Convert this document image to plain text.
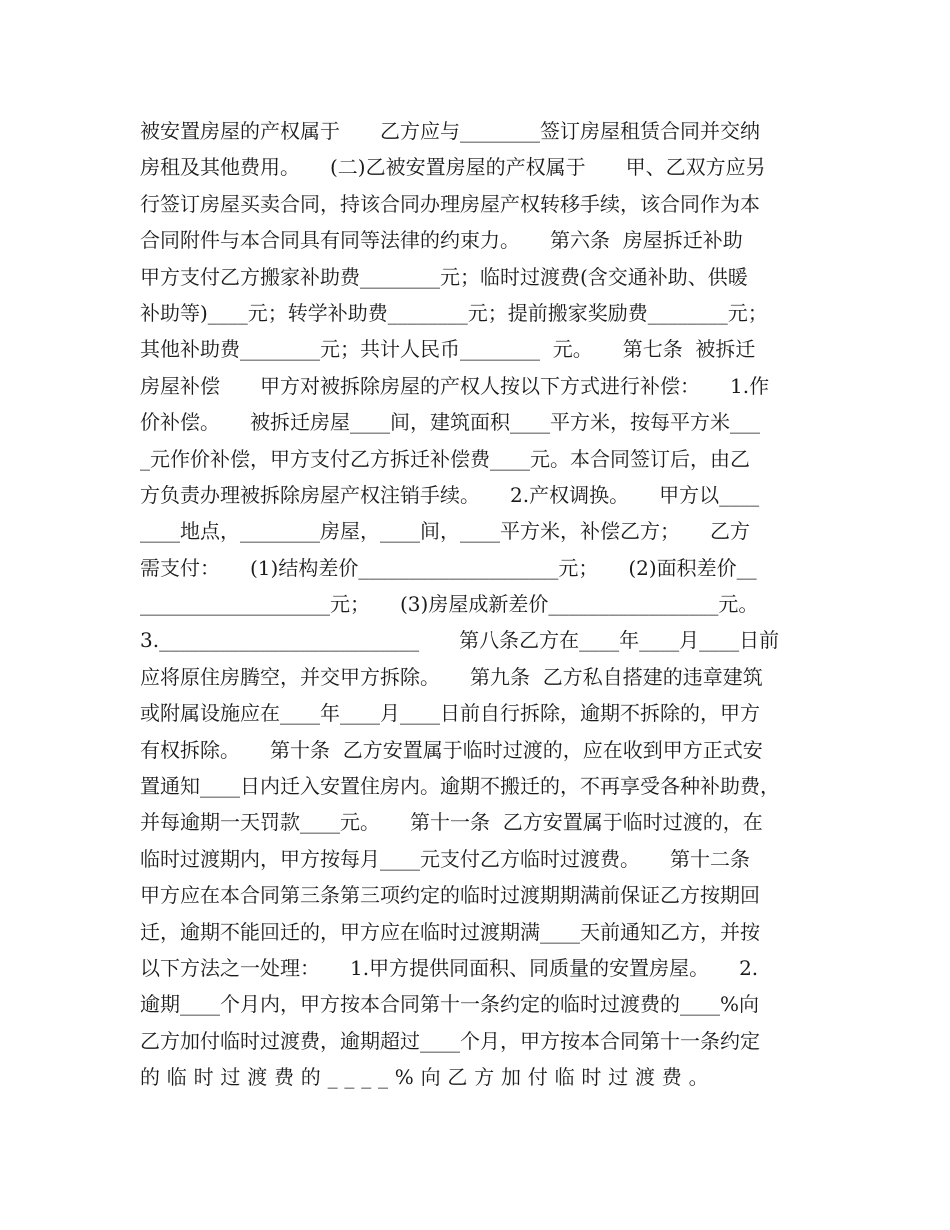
被安置房屋的产权属于　　乙方应与________签订房屋租赁合同并交纳
房租及其他费用。　　(二)乙被安置房屋的产权属于　　甲、乙双方应另
行签订房屋买卖合同，持该合同办理房屋产权转移手续，该合同作为本
合同附件与本合同具有同等法律的约束力。　　第六条  房屋拆迁补助
甲方支付乙方搬家补助费________元；临时过渡费(含交通补助、供暖
补助等)____元；转学补助费________元；提前搬家奖励费________元；
其他补助费________元；共计人民币________  元。　　第七条  被拆迁
房屋补偿　　甲方对被拆除房屋的产权人按以下方式进行补偿：　　1.作
价补偿。　　被拆迁房屋____间，建筑面积____平方米，按每平方米___
_元作价补偿，甲方支付乙方拆迁补偿费____元。本合同签订后，由乙
方负责办理被拆除房屋产权注销手续。　　2.产权调换。　　甲方以____
____地点，________房屋，____间，____平方米，补偿乙方；　　乙方
需支付：　　(1)结构差价____________________元；　　(2)面积差价__
___________________元；　　(3)房屋成新差价_________________元。
3.__________________________　　第八条乙方在____年____月____日前
应将原住房腾空，并交甲方拆除。　　第九条  乙方私自搭建的违章建筑
或附属设施应在____年____月____日前自行拆除，逾期不拆除的，甲方
有权拆除。　　第十条  乙方安置属于临时过渡的，应在收到甲方正式安
置通知____日内迁入安置住房内。逾期不搬迁的，不再享受各种补助费，
并每逾期一天罚款____元。　　第十一条  乙方安置属于临时过渡的，在
临时过渡期内，甲方按每月____元支付乙方临时过渡费。　　第十二条
甲方应在本合同第三条第三项约定的临时过渡期期满前保证乙方按期回
迁，逾期不能回迁的，甲方应在临时过渡期满____天前通知乙方，并按
以下方法之一处理：　　1.甲方提供同面积、同质量的安置房屋。　　2.
逾期____个月内，甲方按本合同第十一条约定的临时过渡费的____%向
乙方加付临时过渡费，逾期超过____个月，甲方按本合同第十一条约定
的临时过渡费的____%向乙方加付临时过渡费。
